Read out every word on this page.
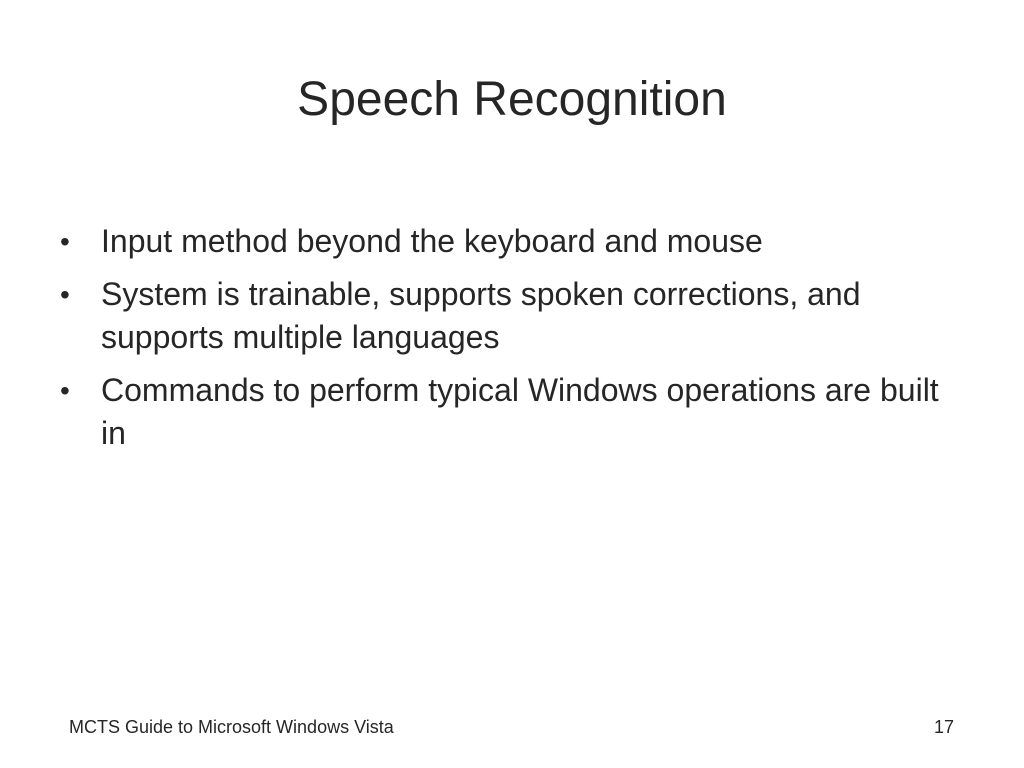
Speech Recognition
• Input method beyond the keyboard and mouse
• System is trainable, supports spoken corrections, and supports multiple languages
• Commands to perform typical Windows operations are built in
MCTS Guide to Microsoft Windows Vista	17
